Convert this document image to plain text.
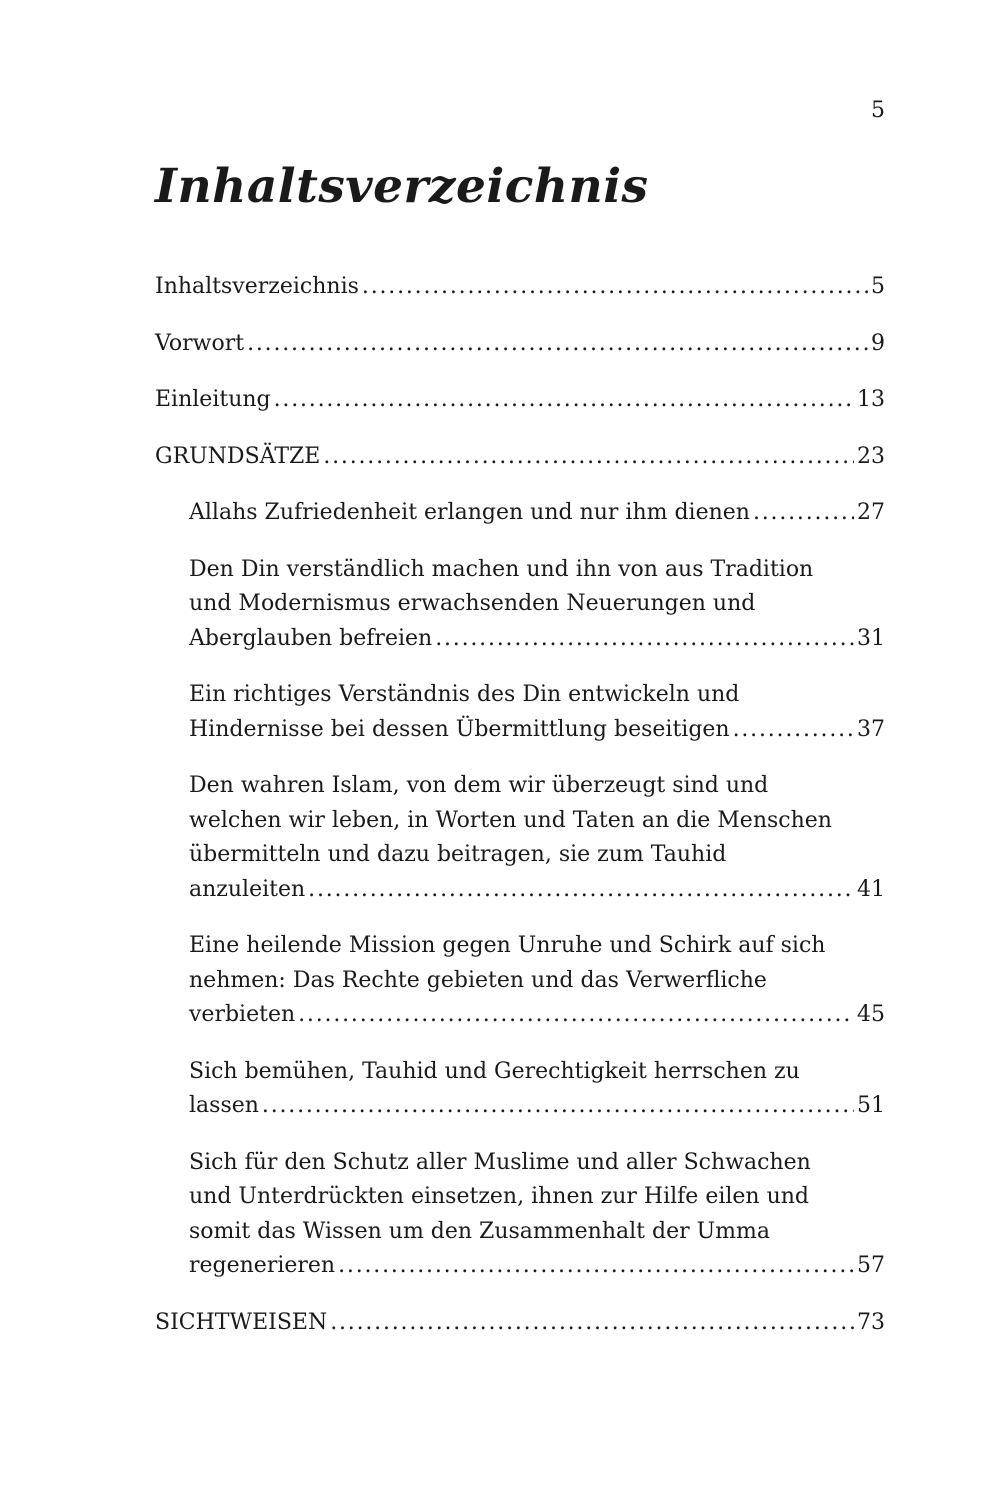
5
Inhaltsverzeichnis
Inhaltsverzeichnis .....	5
Vorwort .....	9
Einleitung .....	13
GRUNDSÄTZE .....	23
Allahs Zufriedenheit erlangen und nur ihm dienen .....	27
Den Din verständlich machen und ihn von aus Tradition
und Modernismus erwachsenden Neuerungen und
Aberglauben befreien .....	31
Ein richtiges Verständnis des Din entwickeln und
Hindernisse bei dessen Übermittlung beseitigen .....	37
Den wahren Islam, von dem wir überzeugt sind und
welchen wir leben, in Worten und Taten an die Menschen
übermitteln und dazu beitragen, sie zum Tauhid
anzuleiten .....	41
Eine heilende Mission gegen Unruhe und Schirk auf sich
nehmen: Das Rechte gebieten und das Verwerfliche
verbieten .....	45
Sich bemühen, Tauhid und Gerechtigkeit herrschen zu
lassen .....	51
Sich für den Schutz aller Muslime und aller Schwachen
und Unterdrückten einsetzen, ihnen zur Hilfe eilen und
somit das Wissen um den Zusammenhalt der Umma
regenerieren .....	57
SICHTWEISEN .....	73
